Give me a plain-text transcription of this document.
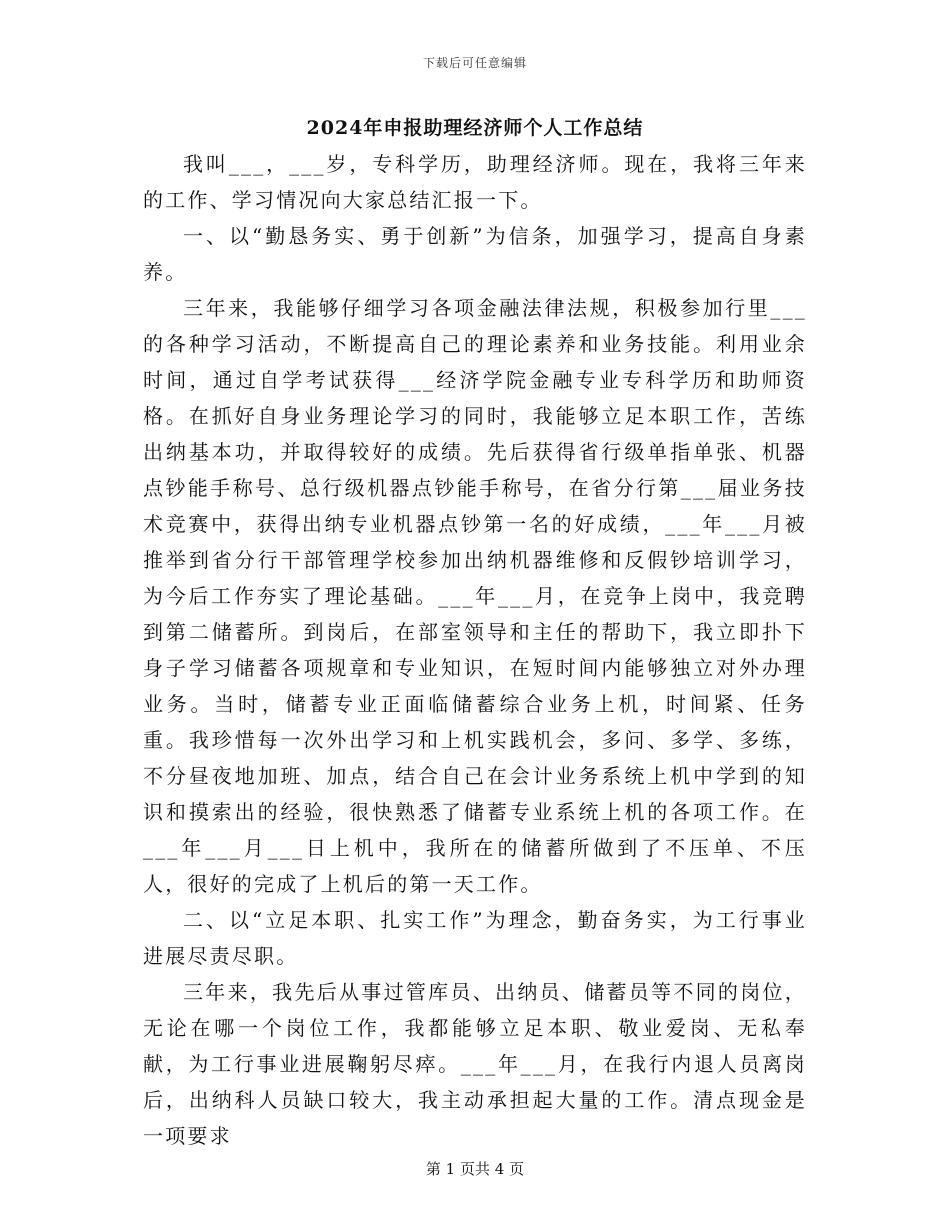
下载后可任意编辑
2024年申报助理经济师个人工作总结

我叫___，___岁，专科学历，助理经济师。现在，我将三年来的工作、学习情况向大家总结汇报一下。

一、以“勤恳务实、勇于创新”为信条，加强学习，提高自身素养。

三年来，我能够仔细学习各项金融法律法规，积极参加行里___的各种学习活动，不断提高自己的理论素养和业务技能。利用业余时间，通过自学考试获得___经济学院金融专业专科学历和助师资格。在抓好自身业务理论学习的同时，我能够立足本职工作，苦练出纳基本功，并取得较好的成绩。先后获得省行级单指单张、机器点钞能手称号、总行级机器点钞能手称号，在省分行第___届业务技术竞赛中，获得出纳专业机器点钞第一名的好成绩，___年___月被推举到省分行干部管理学校参加出纳机器维修和反假钞培训学习，为今后工作夯实了理论基础。___年___月，在竞争上岗中，我竞聘到第二储蓄所。到岗后，在部室领导和主任的帮助下，我立即扑下身子学习储蓄各项规章和专业知识，在短时间内能够独立对外办理业务。当时，储蓄专业正面临储蓄综合业务上机，时间紧、任务重。我珍惜每一次外出学习和上机实践机会，多问、多学、多练，不分昼夜地加班、加点，结合自己在会计业务系统上机中学到的知识和摸索出的经验，很快熟悉了储蓄专业系统上机的各项工作。在___年___月___日上机中，我所在的储蓄所做到了不压单、不压人，很好的完成了上机后的第一天工作。

二、以“立足本职、扎实工作”为理念，勤奋务实，为工行事业进展尽责尽职。

三年来，我先后从事过管库员、出纳员、储蓄员等不同的岗位，无论在哪一个岗位工作，我都能够立足本职、敬业爱岗、无私奉献，为工行事业进展鞠躬尽瘁。___年___月，在我行内退人员离岗后，出纳科人员缺口较大，我主动承担起大量的工作。清点现金是一项要求

第 1 页共 4 页
